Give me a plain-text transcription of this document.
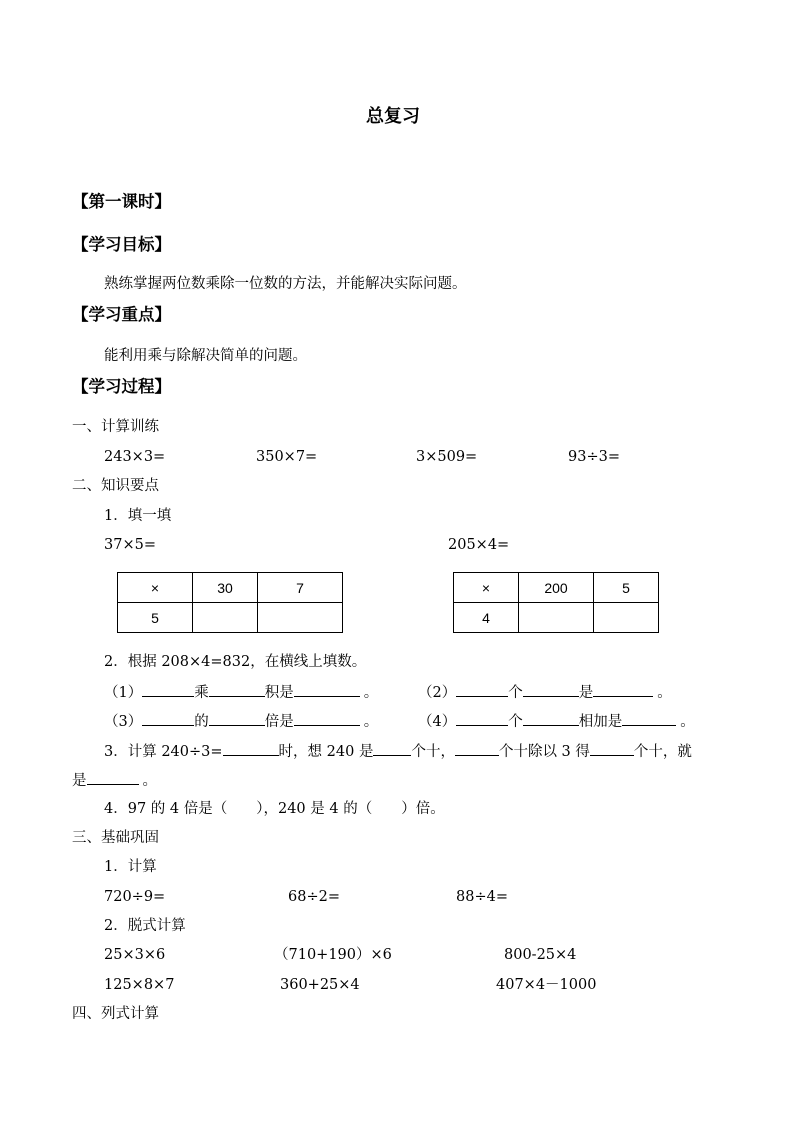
总复习
【第一课时】
【学习目标】
熟练掌握两位数乘除一位数的方法，并能解决实际问题。
【学习重点】
能利用乘与除解决简单的问题。
【学习过程】
一、计算训练
243×3=	350×7=	3×509=	93÷3=
二、知识要点
1．填一填
37×5=	205×4=
×	30	7
5		
×	200	5
4		
2．根据 208×4=832，在横线上填数。
（1）	乘	积是	。	（2）	个	是	。
（3）	的	倍是	。	（4）	个	相加是	。
3．计算 240÷3=	时，想 240 是	个十，	个十除以 3 得	个十，就
是	。
4．97 的 4 倍是（　　），240 是 4 的（　　）倍。
三、基础巩固
1．计算
720÷9=	68÷2=	88÷4=
2．脱式计算
25×3×6	（710+190）×6	800-25×4
125×8×7	360+25×4	407×4－1000
四、列式计算
